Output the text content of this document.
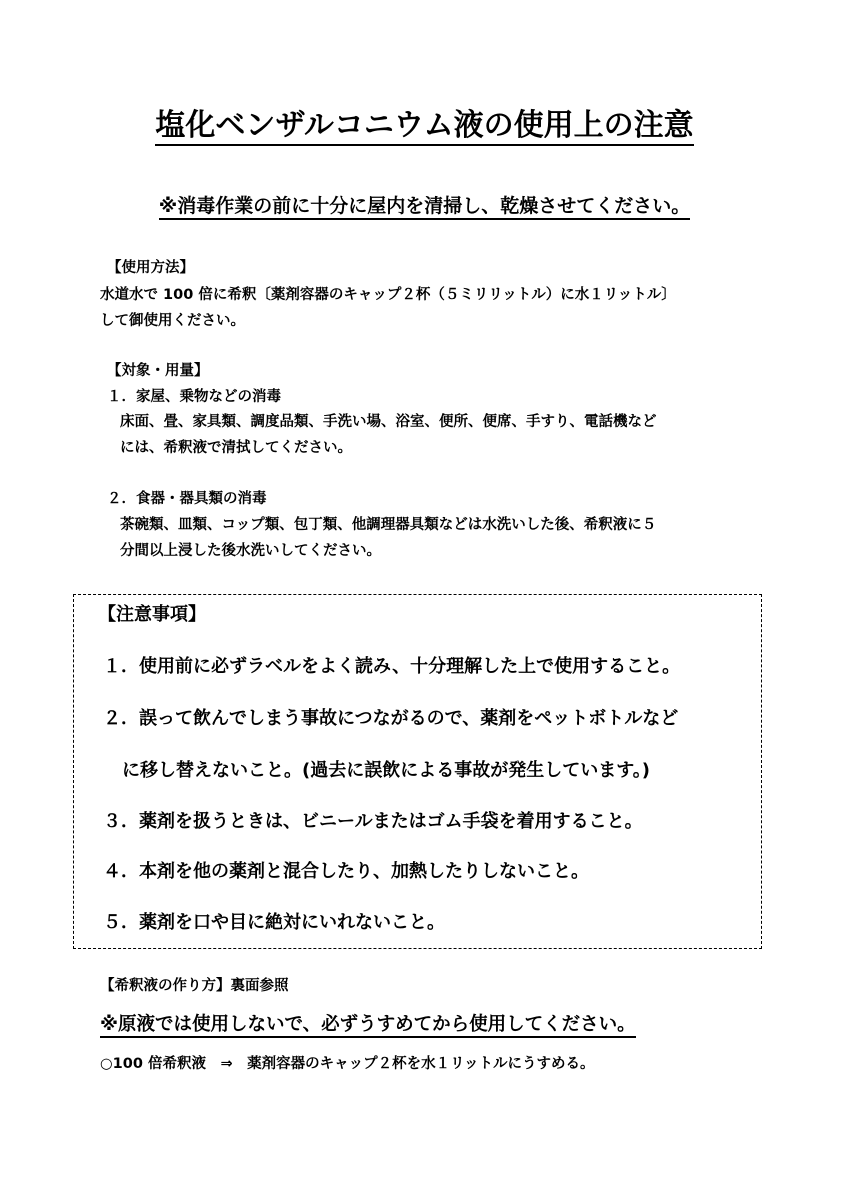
塩化ベンザルコニウム液の使用上の注意
※消毒作業の前に十分に屋内を清掃し、乾燥させてください。
【使用方法】
水道水で 100 倍に希釈〔薬剤容器のキャップ２杯（５ミリリットル）に水１リットル〕
して御使用ください。
【対象・用量】
１．家屋、乗物などの消毒
床面、畳、家具類、調度品類、手洗い場、浴室、便所、便席、手すり、電話機など
には、希釈液で清拭してください。
２．食器・器具類の消毒
茶碗類、皿類、コップ類、包丁類、他調理器具類などは水洗いした後、希釈液に５
分間以上浸した後水洗いしてください。
【注意事項】
１．使用前に必ずラベルをよく読み、十分理解した上で使用すること。
２．誤って飲んでしまう事故につながるので、薬剤をペットボトルなど
に移し替えないこと。(過去に誤飲による事故が発生しています。)
３．薬剤を扱うときは、ビニールまたはゴム手袋を着用すること。
４．本剤を他の薬剤と混合したり、加熱したりしないこと。
５．薬剤を口や目に絶対にいれないこと。
【希釈液の作り方】裏面参照
※原液では使用しないで、必ずうすめてから使用してください。
○100 倍希釈液　⇒　薬剤容器のキャップ２杯を水１リットルにうすめる。
